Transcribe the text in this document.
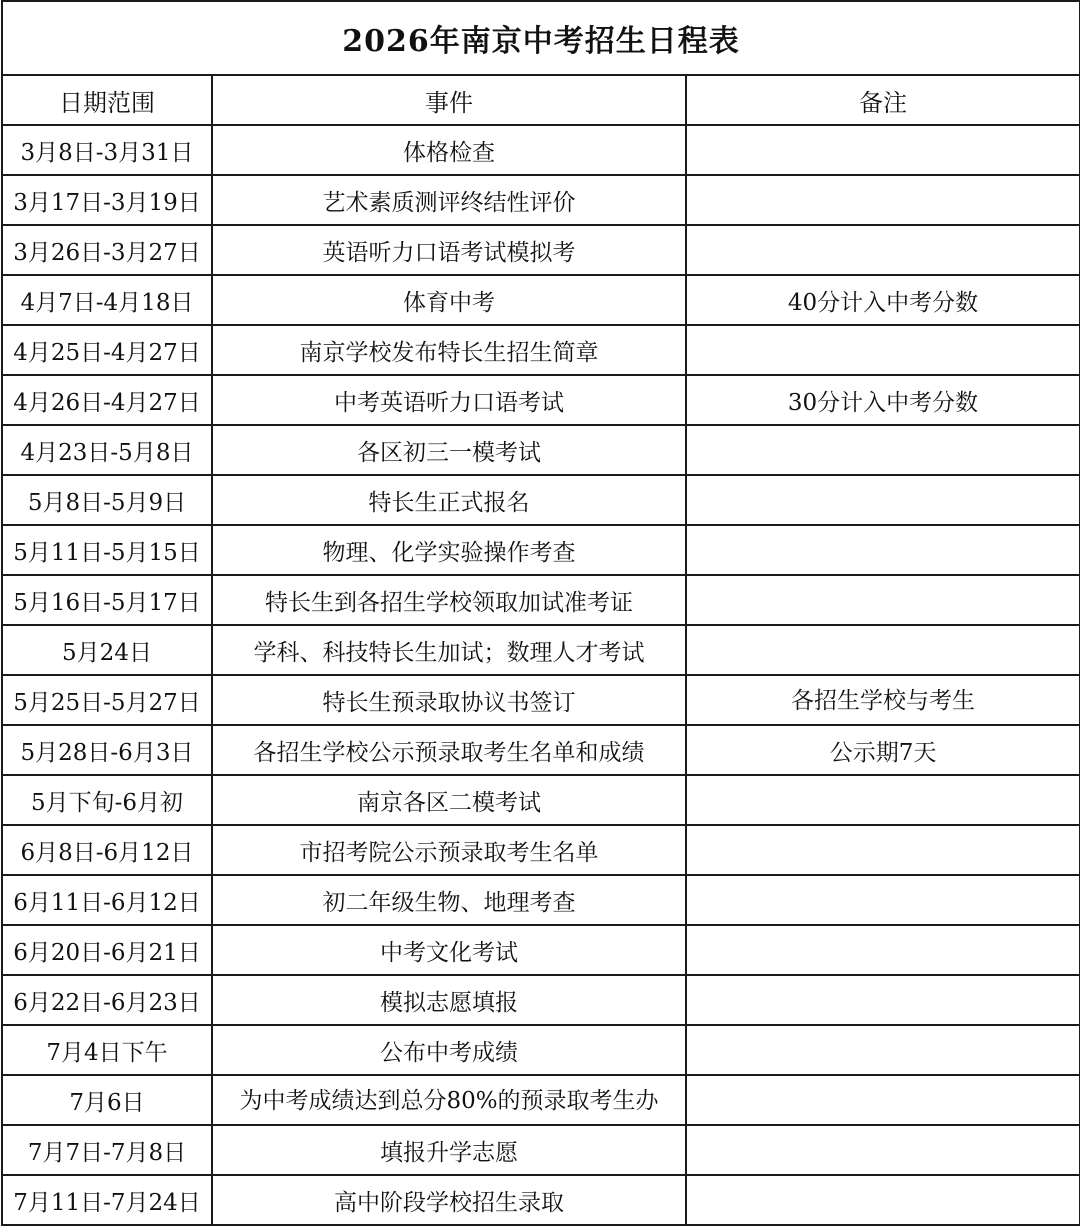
2026年南京中考招生日程表		
日期范围	事件	备注
3月8日-3月31日	体格检查	
3月17日-3月19日	艺术素质测评终结性评价	
3月26日-3月27日	英语听力口语考试模拟考	
4月7日-4月18日	体育中考	40分计入中考分数
4月25日-4月27日	南京学校发布特长生招生简章	
4月26日-4月27日	中考英语听力口语考试	30分计入中考分数
4月23日-5月8日	各区初三一模考试	
5月8日-5月9日	特长生正式报名	
5月11日-5月15日	物理、化学实验操作考查	
5月16日-5月17日	特长生到各招生学校领取加试准考证	
5月24日	学科、科技特长生加试；数理人才考试	
5月25日-5月27日	特长生预录取协议书签订	各招生学校与考生

5月28日-6月3日	各招生学校公示预录取考生名单和成绩	公示期7天
5月下旬-6月初	南京各区二模考试	
6月8日-6月12日	市招考院公示预录取考生名单	
6月11日-6月12日	初二年级生物、地理考查	
6月20日-6月21日	中考文化考试	
6月22日-6月23日	模拟志愿填报	
7月4日下午	公布中考成绩	
7月6日	为中考成绩达到总分80%的预录取考生办	

7月7日-7月8日	填报升学志愿	
7月11日-7月24日	高中阶段学校招生录取	
